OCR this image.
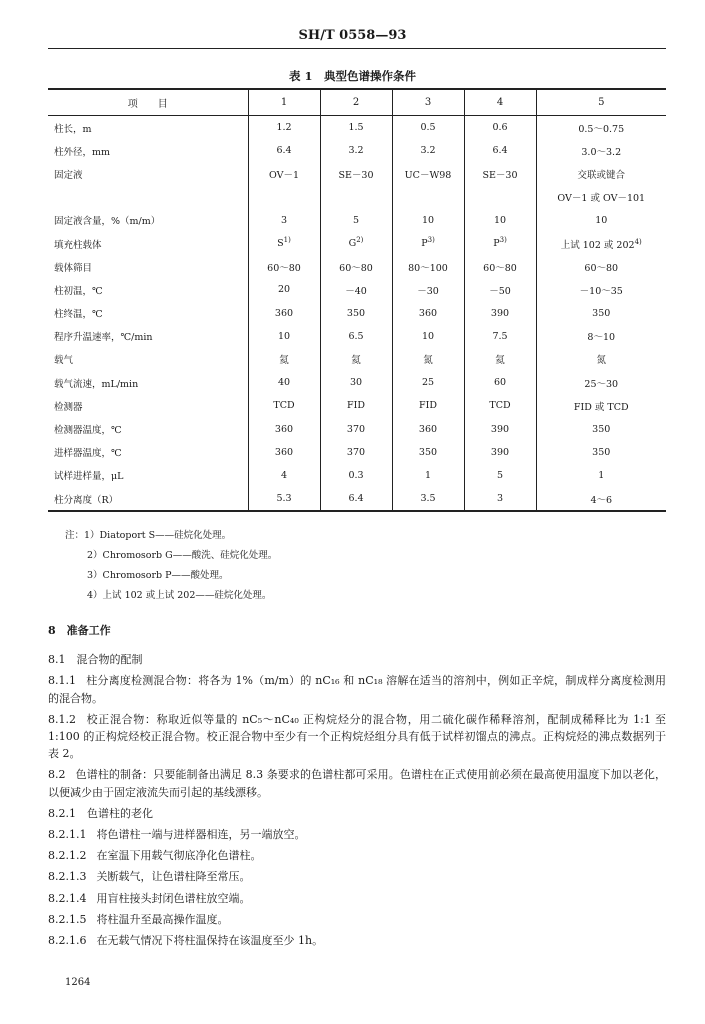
SH/T 0558—93
表 1　典型色谱操作条件
项　　目	1	2	3	4	5
柱长，m	1.2	1.5	0.5	0.6	0.5～0.75
柱外径，mm	6.4	3.2	3.2	6.4	3.0～3.2
固定液	OV－1	SE－30	UC－W98	SE－30	交联或键合
					OV－1 或 OV－101
固定液含量，%（m/m）	3	5	10	10	10
填充柱载体	$S^{1)}$	$G^{2)}$	$P^{3)}$	$P^{3)}$	上试 102 或 202$^{4)}$
载体筛目	60～80	60～80	80～100	60～80	60～80
柱初温，℃	20	－40	－30	－50	－10～35
柱终温，℃	360	350	360	390	350
程序升温速率，℃/min	10	6.5	10	7.5	8～10
载气	氦	氦	氮	氦	氮
载气流速，mL/min	40	30	25	60	25～30
检测器	TCD	FID	FID	TCD	FID 或 TCD
检测器温度，℃	360	370	360	390	350
进样器温度，℃	360	370	350	390	350
试样进样量，μL	4	0.3	1	5	1
柱分离度（R）	5.3	6.4	3.5	3	4～6
注：1）Diatoport S——硅烷化处理。
2）Chromosorb G——酸洗、硅烷化处理。
3）Chromosorb P——酸处理。
4）上试 102 或上试 202——硅烷化处理。
8　准备工作
8.1　混合物的配制

8.1.1 柱分离度检测混合物：将各为 1%（m/m）的 nC₁₆ 和 nC₁₈ 溶解在适当的溶剂中，例如正辛烷，制成样分离度检测用的混合物。

8.1.2 校正混合物：称取近似等量的 nC₅～nC₄₀ 正构烷烃分的混合物，用二硫化碳作稀释溶剂，配制成稀释比为 1:1 至 1:100 的正构烷烃校正混合物。校正混合物中至少有一个正构烷烃组分具有低于试样初馏点的沸点。正构烷烃的沸点数据列于表 2。

8.2 色谱柱的制备：只要能制备出满足 8.3 条要求的色谱柱都可采用。色谱柱在正式使用前必须在最高使用温度下加以老化，以便减少由于固定液流失而引起的基线漂移。

8.2.1　色谱柱的老化
8.2.1.1 将色谱柱一端与进样器相连，另一端放空。
8.2.1.2 在室温下用载气彻底净化色谱柱。
8.2.1.3 关断载气，让色谱柱降至常压。
8.2.1.4 用盲柱接头封闭色谱柱放空端。
8.2.1.5 将柱温升至最高操作温度。
8.2.1.6 在无载气情况下将柱温保持在该温度至少 1h。
1264
